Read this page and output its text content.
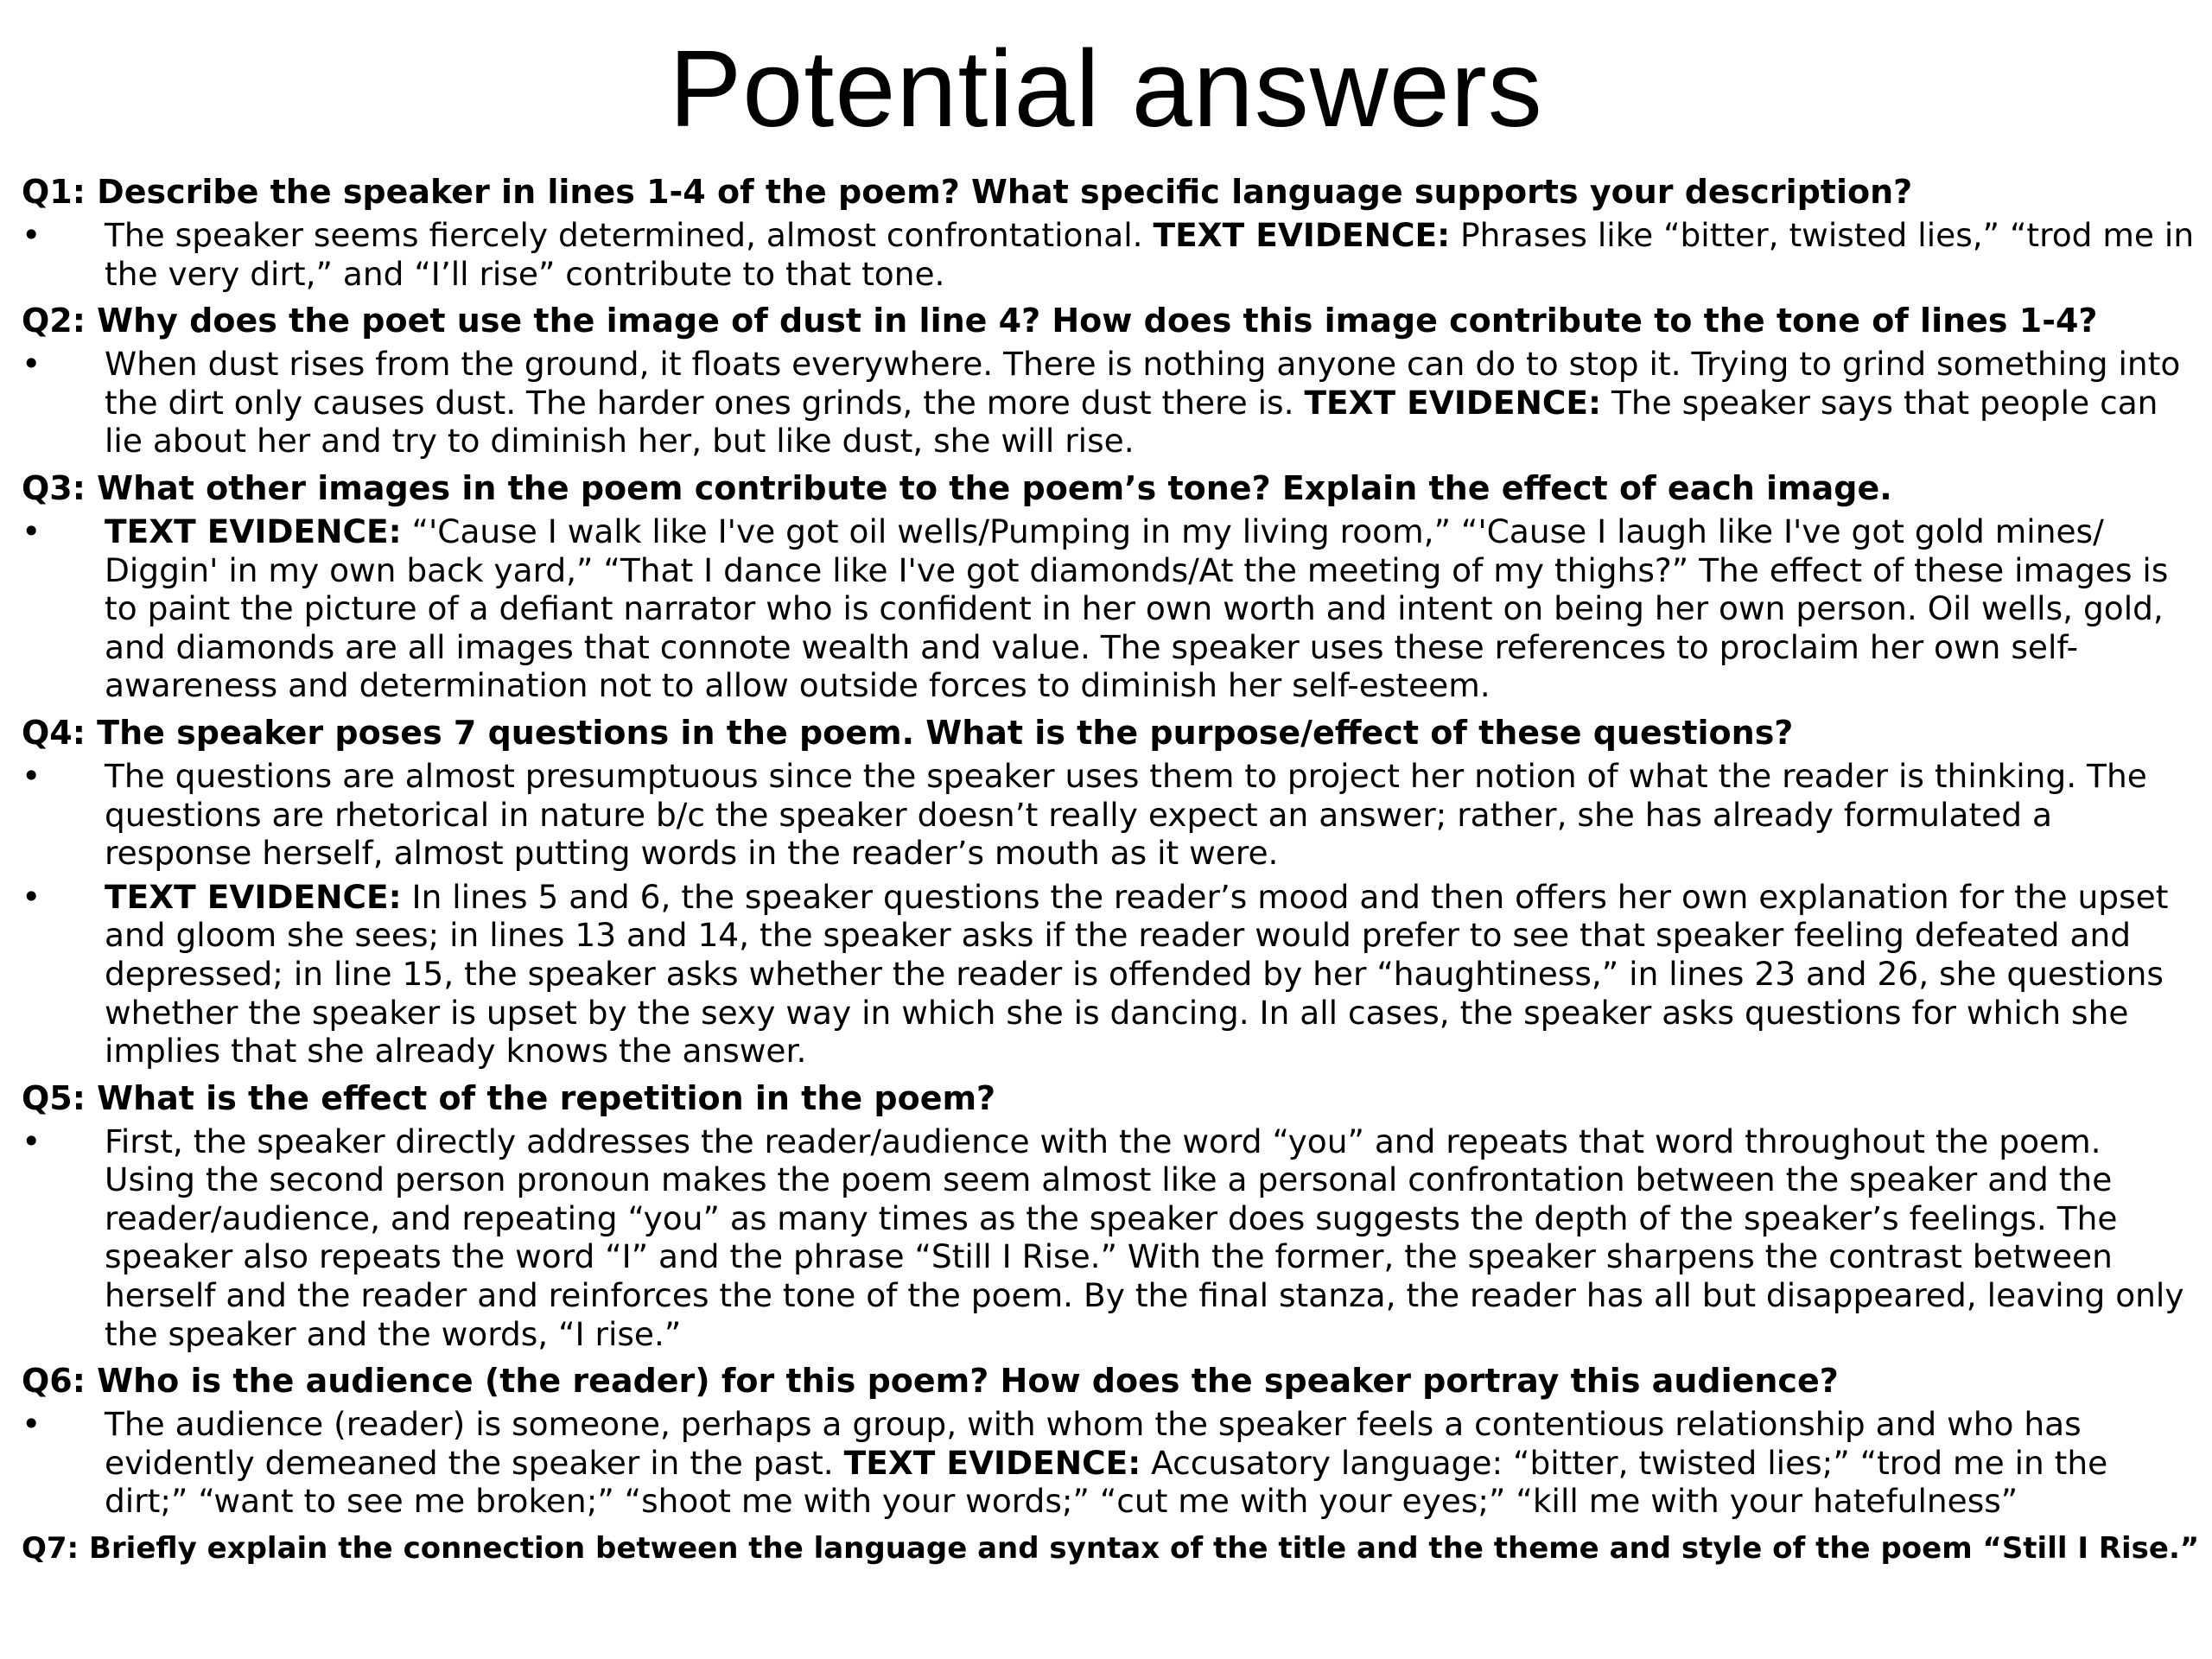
Potential answers
Q1: Describe the speaker in lines 1-4 of the poem? What specific language supports your description?
•	The speaker seems fiercely determined, almost confrontational. TEXT EVIDENCE: Phrases like “bitter, twisted lies,” “trod me in the very dirt,” and “I’ll rise” contribute to that tone.
Q2: Why does the poet use the image of dust in line 4? How does this image contribute to the tone of lines 1-4?
•	When dust rises from the ground, it floats everywhere. There is nothing anyone can do to stop it. Trying to grind something into the dirt only causes dust. The harder ones grinds, the more dust there is. TEXT EVIDENCE: The speaker says that people can lie about her and try to diminish her, but like dust, she will rise.
Q3: What other images in the poem contribute to the poem’s tone? Explain the effect of each image.
•	TEXT EVIDENCE: “'Cause I walk like I've got oil wells/Pumping in my living room,” “'Cause I laugh like I've got gold mines/ Diggin' in my own back yard,” “That I dance like I've got diamonds/At the meeting of my thighs?” The effect of these images is to paint the picture of a defiant narrator who is confident in her own worth and intent on being her own person. Oil wells, gold, and diamonds are all images that connote wealth and value. The speaker uses these references to proclaim her own self-awareness and determination not to allow outside forces to diminish her self-esteem.
Q4: The speaker poses 7 questions in the poem. What is the purpose/effect of these questions?
•	The questions are almost presumptuous since the speaker uses them to project her notion of what the reader is thinking. The questions are rhetorical in nature b/c the speaker doesn’t really expect an answer; rather, she has already formulated a response herself, almost putting words in the reader’s mouth as it were.
•	TEXT EVIDENCE: In lines 5 and 6, the speaker questions the reader’s mood and then offers her own explanation for the upset and gloom she sees; in lines 13 and 14, the speaker asks if the reader would prefer to see that speaker feeling defeated and depressed; in line 15, the speaker asks whether the reader is offended by her “haughtiness,” in lines 23 and 26, she questions whether the speaker is upset by the sexy way in which she is dancing. In all cases, the speaker asks questions for which she implies that she already knows the answer.
Q5: What is the effect of the repetition in the poem?
•	First, the speaker directly addresses the reader/audience with the word “you” and repeats that word throughout the poem. Using the second person pronoun makes the poem seem almost like a personal confrontation between the speaker and the reader/audience, and repeating “you” as many times as the speaker does suggests the depth of the speaker’s feelings. The speaker also repeats the word “I” and the phrase “Still I Rise.” With the former, the speaker sharpens the contrast between herself and the reader and reinforces the tone of the poem. By the final stanza, the reader has all but disappeared, leaving only the speaker and the words, “I rise.”
Q6: Who is the audience (the reader) for this poem? How does the speaker portray this audience?
•	The audience (reader) is someone, perhaps a group, with whom the speaker feels a contentious relationship and who has evidently demeaned the speaker in the past. TEXT EVIDENCE: Accusatory language: “bitter, twisted lies;” “trod me in the dirt;” “want to see me broken;” “shoot me with your words;” “cut me with your eyes;” “kill me with your hatefulness”
Q7: Briefly explain the connection between the language and syntax of the title and the theme and style of the poem “Still I Rise.”
